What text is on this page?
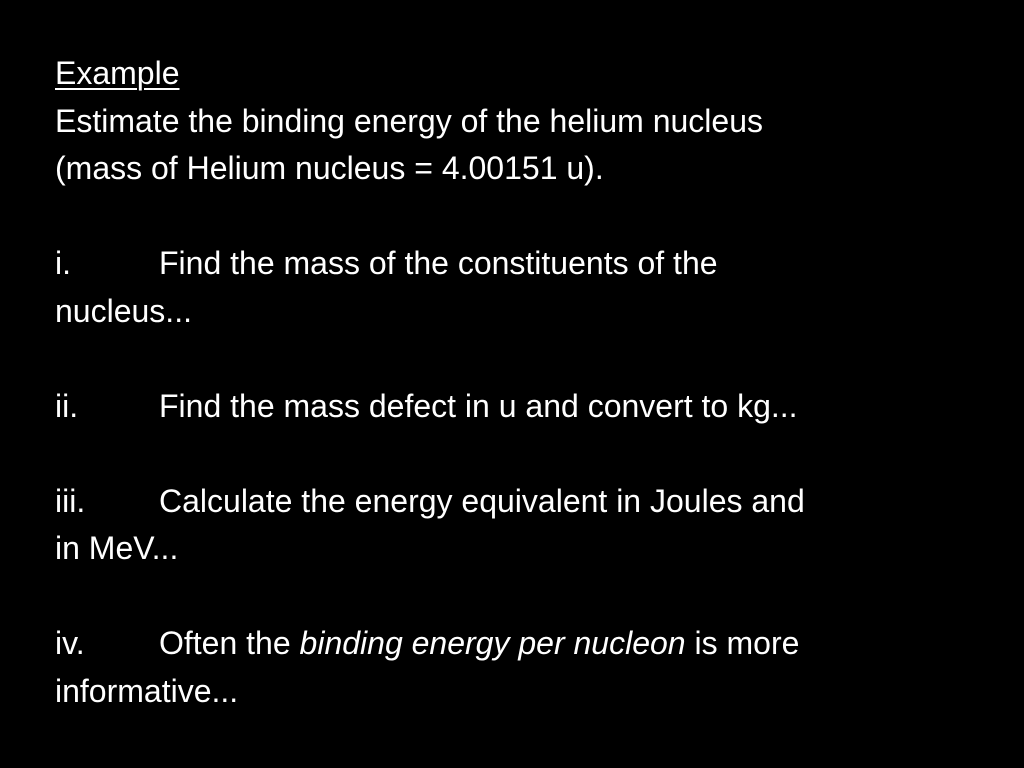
Example
Estimate the binding energy of the helium nucleus
(mass of Helium nucleus = 4.00151 u).
i.	Find the mass of the constituents of the
nucleus...
ii.	Find the mass defect in u and convert to kg...
iii. Calculate the energy equivalent in Joules and
in MeV...
iv. Often the binding energy per nucleon is more
informative...
